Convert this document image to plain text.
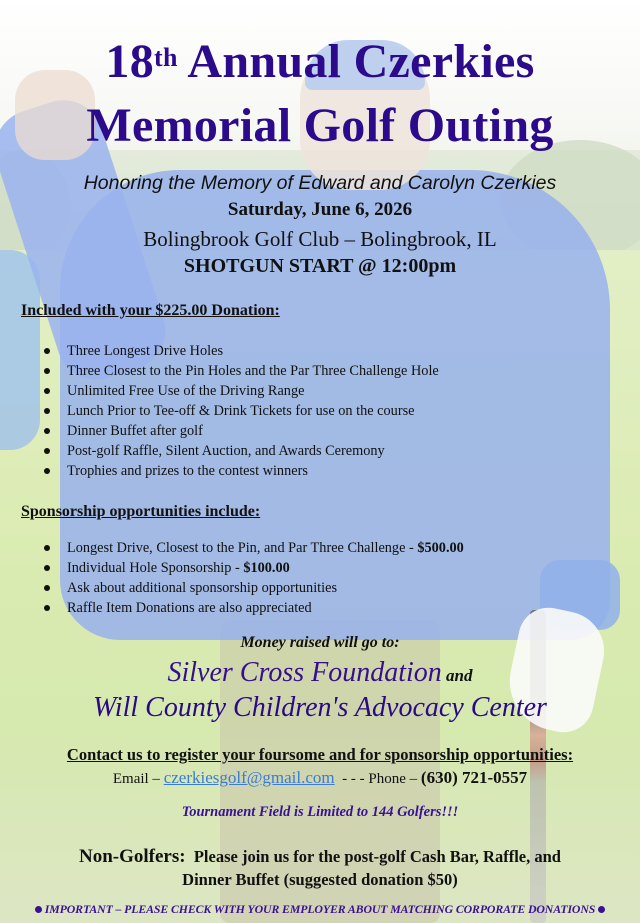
18th Annual Czerkies
Memorial Golf Outing
Honoring the Memory of Edward and Carolyn Czerkies
Saturday, June 6, 2026
Bolingbrook Golf Club – Bolingbrook, IL
SHOTGUN START @ 12:00pm
Included with your $225.00 Donation:
Three Longest Drive Holes
Three Closest to the Pin Holes and the Par Three Challenge Hole
Unlimited Free Use of the Driving Range
Lunch Prior to Tee-off & Drink Tickets for use on the course
Dinner Buffet after golf
Post-golf Raffle, Silent Auction, and Awards Ceremony
Trophies and prizes to the contest winners
Sponsorship opportunities include:
Longest Drive, Closest to the Pin, and Par Three Challenge - $500.00
Individual Hole Sponsorship - $100.00
Ask about additional sponsorship opportunities
Raffle Item Donations are also appreciated
Money raised will go to:
Silver Cross Foundation and
Will County Children's Advocacy Center
Contact us to register your foursome and for sponsorship opportunities:
Email – czerkiesgolf@gmail.com  - - - Phone – (630) 721-0557
Tournament Field is Limited to 144 Golfers!!!
Non-Golfers:  Please join us for the post-golf Cash Bar, Raffle, and
Dinner Buffet (suggested donation $50)
IMPORTANT – PLEASE CHECK WITH YOUR EMPLOYER ABOUT MATCHING CORPORATE DONATIONS
